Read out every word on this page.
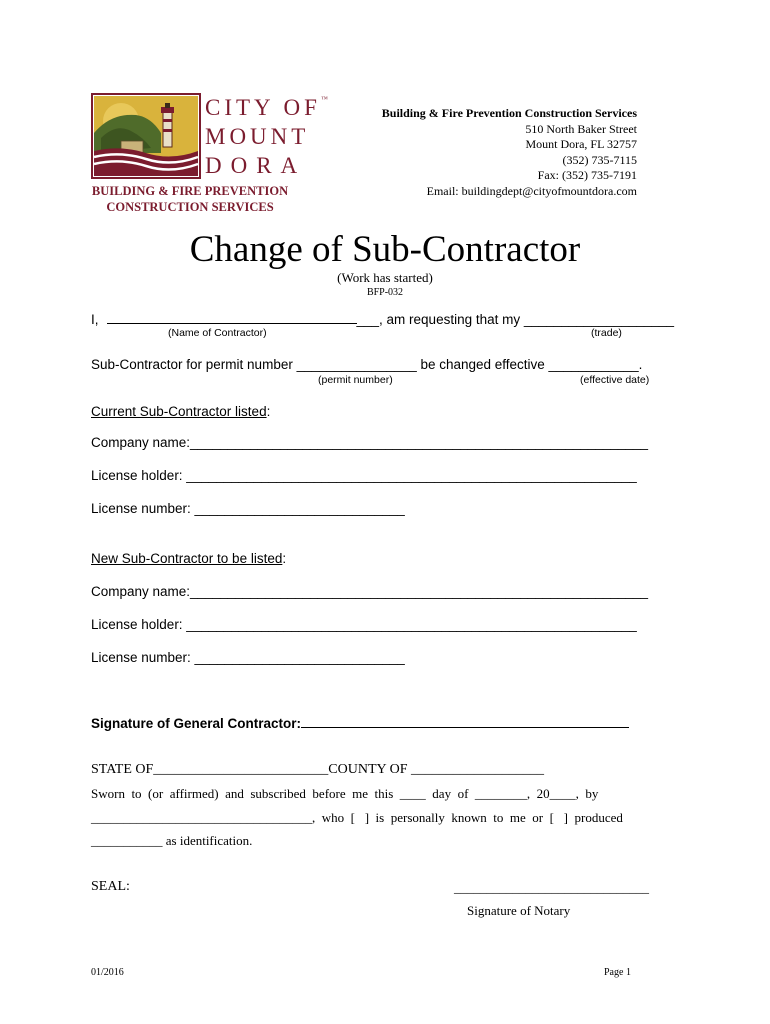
CITY OF™
MOUNT
DORA
BUILDING & FIRE PREVENTION
CONSTRUCTION SERVICES
Building & Fire Prevention Construction Services
510 North Baker Street
Mount Dora, FL 32757
(352) 735-7115
Fax: (352) 735-7191
Email: buildingdept@cityofmountdora.com
Change of Sub-Contractor
(Work has started)
BFP-032
I,	___, am requesting that my ____________________
(Name of Contractor)	(trade)
Sub-Contractor for permit number ________________ be changed effective ____________.
(permit number)	(effective date)
Current Sub-Contractor listed:
Company name:_____________________________________________________________
License holder: ____________________________________________________________
License number: ____________________________
New Sub-Contractor to be listed:
Company name:_____________________________________________________________
License holder: ____________________________________________________________
License number: ____________________________
Signature of General Contractor:
STATE OF_________________________COUNTY OF ___________________
Sworn  to  (or  affirmed)  and  subscribed  before  me  this  ____  day  of  ________,  20____,  by
__________________________________,  who  [   ]  is  personally  known  to  me  or  [   ]  produced
___________ as identification.
SEAL:	______________________________
Signature of Notary
01/2016	Page 1
